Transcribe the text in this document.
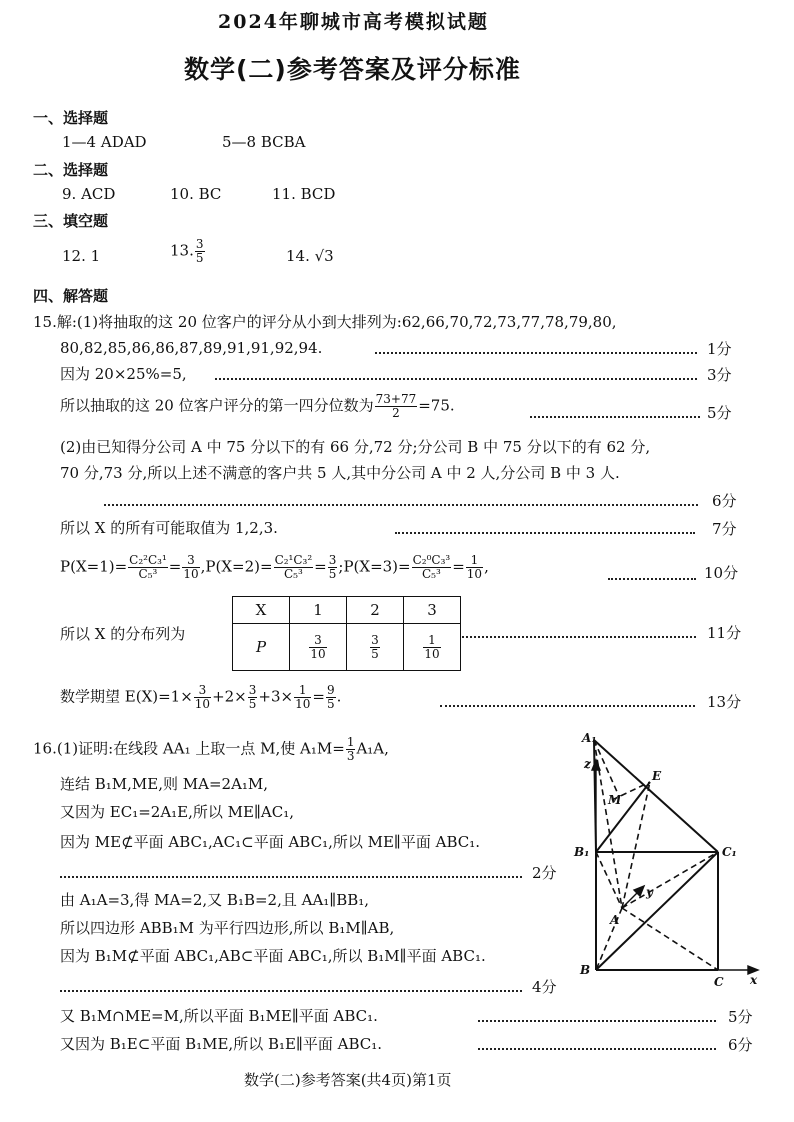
2024年聊城市高考模拟试题
数学(二)参考答案及评分标准
一、选择题
1—4 ADAD	5—8 BCBA
二、选择题
9. ACD	10. BC	11. BCD
三、填空题
12. 1	13. $\frac{3}{5}$	14. √3
四、解答题
15.解:(1)将抽取的这 20 位客户的评分从小到大排列为:62,66,70,72,73,77,78,79,80,
80,82,85,86,86,87,89,91,91,92,94.	1分
因为 20×25%=5,	3分
所以抽取的这 20 位客户评分的第一四分位数为 $\frac{73+77}{2} =75$.	5分
(2)由已知得分公司 A 中 75 分以下的有 66 分,72 分;分公司 B 中 75 分以下的有 62 分,
70 分,73 分,所以上述不满意的客户共 5 人,其中分公司 A 中 2 人,分公司 B 中 3 人.
6分
所以 X 的所有可能取值为 1,2,3.	7分
$P(X=1)= \frac{\text{C₂²C₃¹}}{\text{C₅³}} = \frac{3}{10} ,P(X=2)= \frac{\text{C₂¹C₃²}}{\text{C₅³}} = \frac{3}{5}$ ;P(X=3)= $\frac{\text{C₂⁰C₃³}}{\text{C₅³}} = \frac{1}{10}$ ,	10分
所以 X 的分布列为
X	1	2	3
P	$\frac{3}{10}$	$\frac{3}{5}$	$\frac{1}{10}$
11分
数学期望 $E(X)=1\times \frac{3}{10} +2\times \frac{3}{5} +3\times \frac{1}{10} = \frac{9}{5}$ .	13分
16.(1)证明:在线段 AA₁ 上取一点 M,使 $A_1M= \frac{1}{3} A_1A$,
连结 B₁M,ME,则 MA=2A₁M,
又因为 EC₁=2A₁E,所以 ME∥AC₁,
因为 ME⊄平面 ABC₁,AC₁⊂平面 ABC₁,所以 ME∥平面 ABC₁.
2分
由 A₁A=3,得 MA=2,又 B₁B=2,且 AA₁∥BB₁,
所以四边形 ABB₁M 为平行四边形,所以 B₁M∥AB,
因为 B₁M⊄平面 ABC₁,AB⊂平面 ABC₁,所以 B₁M∥平面 ABC₁.
4分
又 B₁M∩ME=M,所以平面 B₁ME∥平面 ABC₁.	5分
又因为 B₁E⊂平面 B₁ME,所以 B₁E∥平面 ABC₁.	6分
A₁
z
E
M
B₁	C₁
y
A
B
C x
数学(二)参考答案(共4页)第1页
